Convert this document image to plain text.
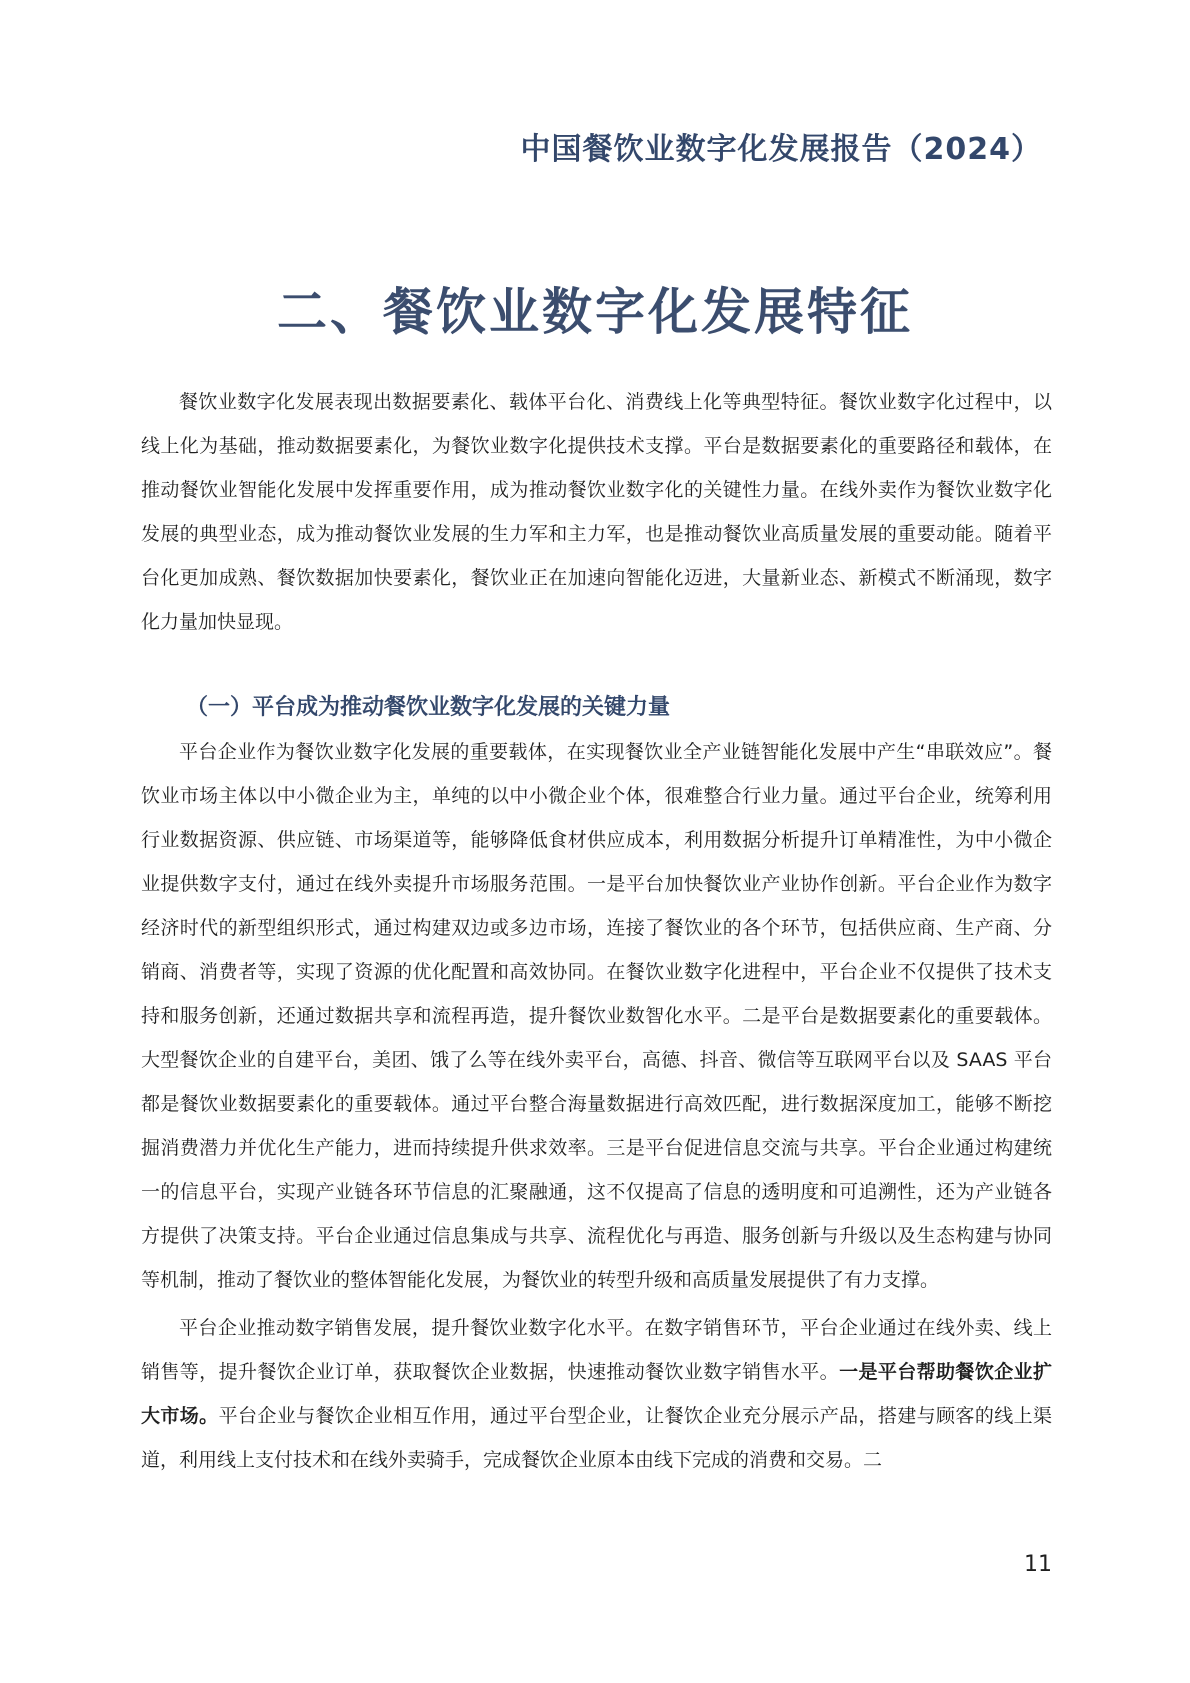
中国餐饮业数字化发展报告（2024）
二、餐饮业数字化发展特征

餐饮业数字化发展表现出数据要素化、载体平台化、消费线上化等典型特征。餐饮业数字化过程中，以线上化为基础，推动数据要素化，为餐饮业数字化提供技术支撑。平台是数据要素化的重要路径和载体，在推动餐饮业智能化发展中发挥重要作用，成为推动餐饮业数字化的关键性力量。在线外卖作为餐饮业数字化发展的典型业态，成为推动餐饮业发展的生力军和主力军，也是推动餐饮业高质量发展的重要动能。随着平台化更加成熟、餐饮数据加快要素化，餐饮业正在加速向智能化迈进，大量新业态、新模式不断涌现，数字化力量加快显现。

（一）平台成为推动餐饮业数字化发展的关键力量

平台企业作为餐饮业数字化发展的重要载体，在实现餐饮业全产业链智能化发展中产生“串联效应”。餐饮业市场主体以中小微企业为主，单纯的以中小微企业个体，很难整合行业力量。通过平台企业，统筹利用行业数据资源、供应链、市场渠道等，能够降低食材供应成本，利用数据分析提升订单精准性，为中小微企业提供数字支付，通过在线外卖提升市场服务范围。一是平台加快餐饮业产业协作创新。平台企业作为数字经济时代的新型组织形式，通过构建双边或多边市场，连接了餐饮业的各个环节，包括供应商、生产商、分销商、消费者等，实现了资源的优化配置和高效协同。在餐饮业数字化进程中，平台企业不仅提供了技术支持和服务创新，还通过数据共享和流程再造，提升餐饮业数智化水平。二是平台是数据要素化的重要载体。大型餐饮企业的自建平台，美团、饿了么等在线外卖平台，高德、抖音、微信等互联网平台以及 SAAS 平台都是餐饮业数据要素化的重要载体。通过平台整合海量数据进行高效匹配，进行数据深度加工，能够不断挖掘消费潜力并优化生产能力，进而持续提升供求效率。三是平台促进信息交流与共享。平台企业通过构建统一的信息平台，实现产业链各环节信息的汇聚融通，这不仅提高了信息的透明度和可追溯性，还为产业链各方提供了决策支持。平台企业通过信息集成与共享、流程优化与再造、服务创新与升级以及生态构建与协同等机制，推动了餐饮业的整体智能化发展，为餐饮业的转型升级和高质量发展提供了有力支撑。

平台企业推动数字销售发展，提升餐饮业数字化水平。在数字销售环节，平台企业通过在线外卖、线上销售等，提升餐饮企业订单，获取餐饮企业数据，快速推动餐饮业数字销售水平。一是平台帮助餐饮企业扩大市场。平台企业与餐饮企业相互作用，通过平台型企业，让餐饮企业充分展示产品，搭建与顾客的线上渠道，利用线上支付技术和在线外卖骑手，完成餐饮企业原本由线下完成的消费和交易。二

11
